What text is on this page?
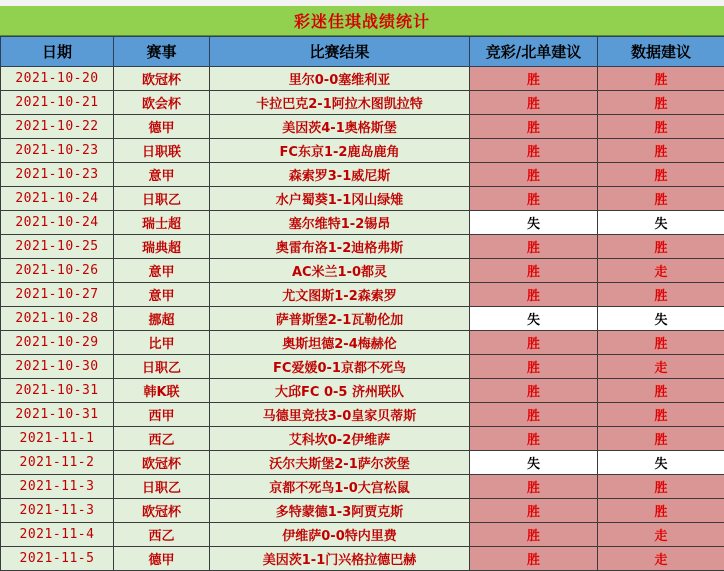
彩迷佳琪战绩统计
日期	赛事	比赛结果	竞彩/北单建议	数据建议
2021-10-20	欧冠杯	里尔0-0塞维利亚	胜	胜
2021-10-21	欧会杯	卡拉巴克2-1阿拉木图凯拉特	胜	胜
2021-10-22	德甲	美因茨4-1奥格斯堡	胜	胜
2021-10-23	日职联	FC东京1-2鹿岛鹿角	胜	胜
2021-10-23	意甲	森索罗3-1威尼斯	胜	胜
2021-10-24	日职乙	水户蜀葵1-1冈山绿雉	胜	胜
2021-10-24	瑞士超	塞尔维特1-2锡昂	失	失
2021-10-25	瑞典超	奥雷布洛1-2迪格弗斯	胜	胜
2021-10-26	意甲	AC米兰1-0都灵	胜	走
2021-10-27	意甲	尤文图斯1-2森索罗	胜	胜
2021-10-28	挪超	萨普斯堡2-1瓦勒伦加	失	失
2021-10-29	比甲	奥斯坦德2-4梅赫伦	胜	胜
2021-10-30	日职乙	FC爱媛0-1京都不死鸟	胜	走
2021-10-31	韩K联	大邱FC 0-5 济州联队	胜	胜
2021-10-31	西甲	马德里竞技3-0皇家贝蒂斯	胜	胜
2021-11-1	西乙	艾科坎0-2伊维萨	胜	胜
2021-11-2	欧冠杯	沃尔夫斯堡2-1萨尔茨堡	失	失
2021-11-3	日职乙	京都不死鸟1-0大宫松鼠	胜	胜
2021-11-3	欧冠杯	多特蒙德1-3阿贾克斯	胜	胜
2021-11-4	西乙	伊维萨0-0特内里费	胜	走
2021-11-5	德甲	美因茨1-1门兴格拉德巴赫	胜	走
